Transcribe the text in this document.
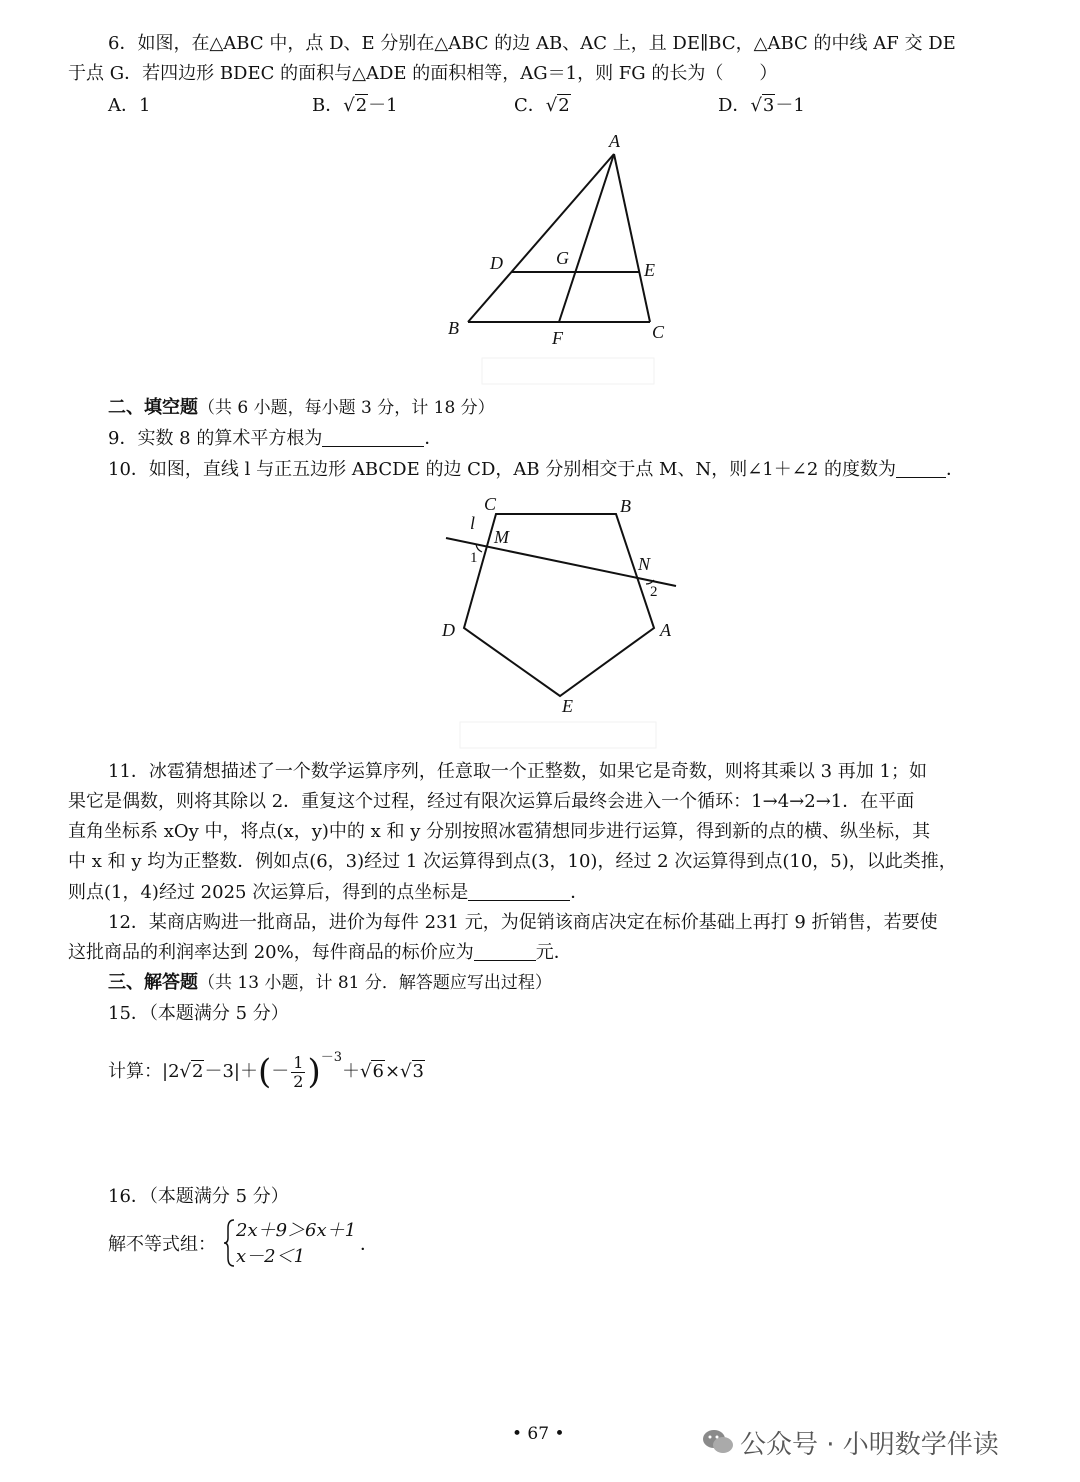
6．如图，在△ABC 中，点 D、E 分别在△ABC 的边 AB、AC 上，且 DE∥BC，△ABC 的中线 AF 交 DE
于点 G．若四边形 BDEC 的面积与△ADE 的面积相等，AG＝1，则 FG 的长为（　　）
A．1	B．√2－1	C．√2	D．√3－1
A
B	C
D	E
F
G
二、填空题（共 6 小题，每小题 3 分，计 18 分）
9．实数 8 的算术平方根为	．
10．如图，直线 l 与正五边形 ABCDE 的边 CD，AB 分别相交于点 M、N，则∠1＋∠2 的度数为	．
C	B
l
M
N
1
2
D	A
E
11．冰雹猜想描述了一个数学运算序列，任意取一个正整数，如果它是奇数，则将其乘以 3 再加 1；如
果它是偶数，则将其除以 2．重复这个过程，经过有限次运算后最终会进入一个循环：1→4→2→1．在平面
直角坐标系 xOy 中，将点(x，y)中的 x 和 y 分别按照冰雹猜想同步进行运算，得到新的点的横、纵坐标，其
中 x 和 y 均为正整数．例如点(6，3)经过 1 次运算得到点(3，10)，经过 2 次运算得到点(10，5)，以此类推，
则点(1，4)经过 2025 次运算后，得到的点坐标是	．
12．某商店购进一批商品，进价为每件 231 元，为促销该商店决定在标价基础上再打 9 折销售，若要使
这批商品的利润率达到 20%，每件商品的标价应为	元．
三、解答题（共 13 小题，计 81 分．解答题应写出过程）
15．（本题满分 5 分）
计算：$|2√2-3|+(- \frac{1}{2} )^{-3}+√6\times√3$
16．（本题满分 5 分）
解不等式组：
2x＋9＞6x＋1
x－2＜1
．
• 67 •	公众号 · 小明数学伴读
